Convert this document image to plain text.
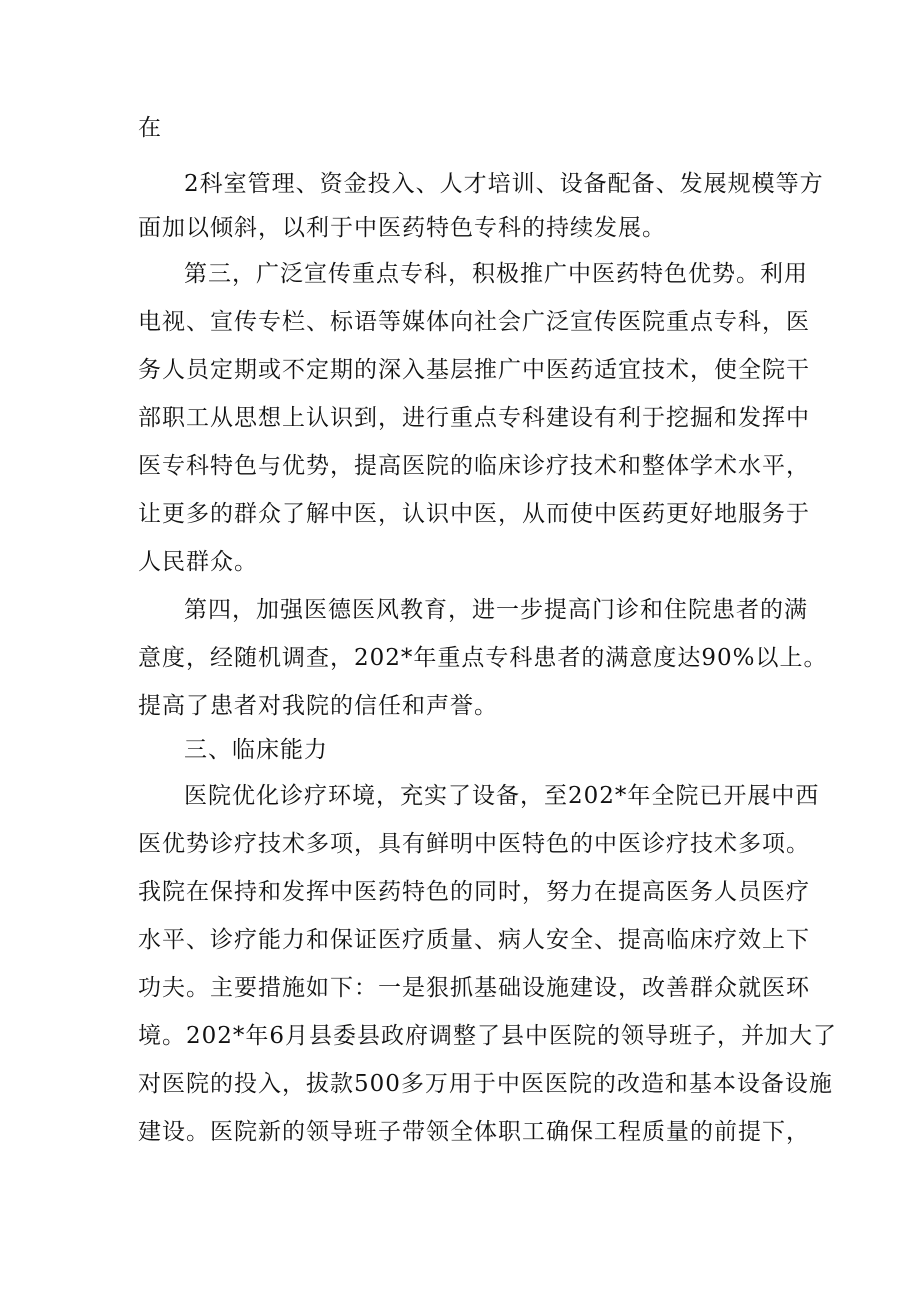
在
2科室管理、资金投入、人才培训、设备配备、发展规模等方
面加以倾斜，以利于中医药特色专科的持续发展。
第三，广泛宣传重点专科，积极推广中医药特色优势。利用
电视、宣传专栏、标语等媒体向社会广泛宣传医院重点专科，医
务人员定期或不定期的深入基层推广中医药适宜技术，使全院干
部职工从思想上认识到，进行重点专科建设有利于挖掘和发挥中
医专科特色与优势，提高医院的临床诊疗技术和整体学术水平，
让更多的群众了解中医，认识中医，从而使中医药更好地服务于
人民群众。
第四，加强医德医风教育，进一步提高门诊和住院患者的满
意度，经随机调查，202*年重点专科患者的满意度达90%以上。
提高了患者对我院的信任和声誉。
三、临床能力
医院优化诊疗环境，充实了设备，至202*年全院已开展中西
医优势诊疗技术多项，具有鲜明中医特色的中医诊疗技术多项。
我院在保持和发挥中医药特色的同时，努力在提高医务人员医疗
水平、诊疗能力和保证医疗质量、病人安全、提高临床疗效上下
功夫。主要措施如下：一是狠抓基础设施建设，改善群众就医环
境。202*年6月县委县政府调整了县中医院的领导班子，并加大了
对医院的投入，拔款500多万用于中医医院的改造和基本设备设施
建设。医院新的领导班子带领全体职工确保工程质量的前提下，
